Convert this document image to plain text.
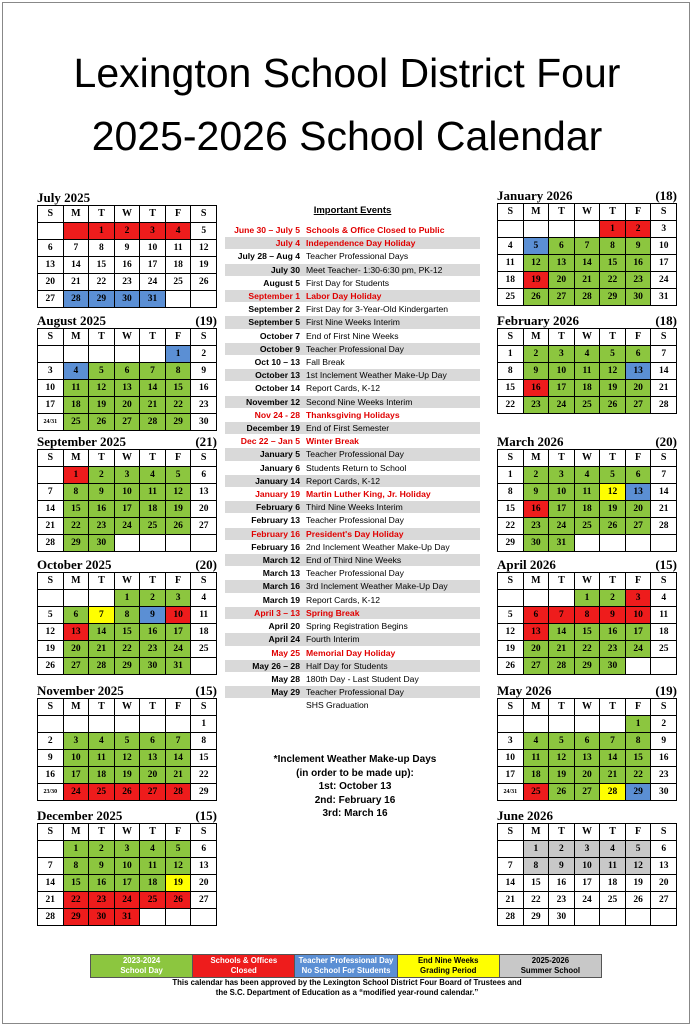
Lexington School District Four
2025-2026 School Calendar
July 2025
S	M	T	W	T	F	S
		1	2	3	4	5
6	7	8	9	10	11	12
13	14	15	16	17	18	19
20	21	22	23	24	25	26
27	28	29	30	31		
August 2025	(19)
S	M	T	W	T	F	S
					1	2
3	4	5	6	7	8	9
10	11	12	13	14	15	16
17	18	19	20	21	22	23
24/31	25	26	27	28	29	30
September 2025	(21)
S	M	T	W	T	F	S
	1	2	3	4	5	6
7	8	9	10	11	12	13
14	15	16	17	18	19	20
21	22	23	24	25	26	27
28	29	30				
October 2025	(20)
S	M	T	W	T	F	S
			1	2	3	4
5	6	7	8	9	10	11
12	13	14	15	16	17	18
19	20	21	22	23	24	25
26	27	28	29	30	31	
November 2025	(15)
S	M	T	W	T	F	S
						1
2	3	4	5	6	7	8
9	10	11	12	13	14	15
16	17	18	19	20	21	22
23/30	24	25	26	27	28	29
December 2025	(15)
S	M	T	W	T	F	S
	1	2	3	4	5	6
7	8	9	10	11	12	13
14	15	16	17	18	19	20
21	22	23	24	25	26	27
28	29	30	31			
January 2026	(18)
S	M	T	W	T	F	S
				1	2	3
4	5	6	7	8	9	10
11	12	13	14	15	16	17
18	19	20	21	22	23	24
25	26	27	28	29	30	31
February 2026	(18)
S	M	T	W	T	F	S
1	2	3	4	5	6	7
8	9	10	11	12	13	14
15	16	17	18	19	20	21
22	23	24	25	26	27	28
March 2026	(20)
S	M	T	W	T	F	S
1	2	3	4	5	6	7
8	9	10	11	12	13	14
15	16	17	18	19	20	21
22	23	24	25	26	27	28
29	30	31				
April 2026	(15)
S	M	T	W	T	F	S
			1	2	3	4
5	6	7	8	9	10	11
12	13	14	15	16	17	18
19	20	21	22	23	24	25
26	27	28	29	30		
May 2026	(19)
S	M	T	W	T	F	S
					1	2
3	4	5	6	7	8	9
10	11	12	13	14	15	16
17	18	19	20	21	22	23
24/31	25	26	27	28	29	30
June 2026
S	M	T	W	T	F	S
	1	2	3	4	5	6
7	8	9	10	11	12	13
14	15	16	17	18	19	20
21	22	23	24	25	26	27
28	29	30				
Important Events
June 30 – July 5	Schools & Office Closed to Public
July 4	Independence Day Holiday
July 28 – Aug 4	Teacher Professional Days
July 30	Meet Teacher- 1:30-6:30 pm, PK-12
August 5	First Day for Students
September 1	Labor Day Holiday
September 2	First Day for 3-Year-Old Kindergarten
September 5	First Nine Weeks Interim
October 7	End of First Nine Weeks
October 9	Teacher Professional Day
Oct 10 – 13	Fall Break
October 13	1st Inclement Weather Make-Up Day
October 14	Report Cards, K-12
November 12	Second Nine Weeks Interim
Nov 24 - 28	Thanksgiving Holidays
December 19	End of First Semester
Dec 22 – Jan 5	Winter Break
January 5	Teacher Professional Day
January 6	Students Return to School
January 14	Report Cards, K-12
January 19	Martin Luther King, Jr. Holiday
February 6	Third Nine Weeks Interim
February 13	Teacher Professional Day
February 16	President's Day Holiday
February 16	2nd Inclement Weather Make-Up Day
March 12	End of Third Nine Weeks
March 13	Teacher Professional Day
March 16	3rd Inclement Weather Make-Up Day
March 19	Report Cards, K-12
April 3 – 13	Spring Break
April 20	Spring Registration Begins
April 24	Fourth Interim
May 25	Memorial Day Holiday
May 26 – 28	Half Day for Students
May 28	180th Day - Last Student Day
May 29	Teacher Professional Day
	SHS Graduation
*Inclement Weather Make-up Days
(in order to be made up):
1st: October 13
2nd: February 16
3rd: March 16
2023-2024
School Day
Schools & Offices
Closed
Teacher Professional Day
No School For Students
End Nine Weeks
Grading Period
2025-2026
Summer School
This calendar has been approved by the Lexington School District Four Board of Trustees and
the S.C. Department of Education as a “modified year-round calendar.”
